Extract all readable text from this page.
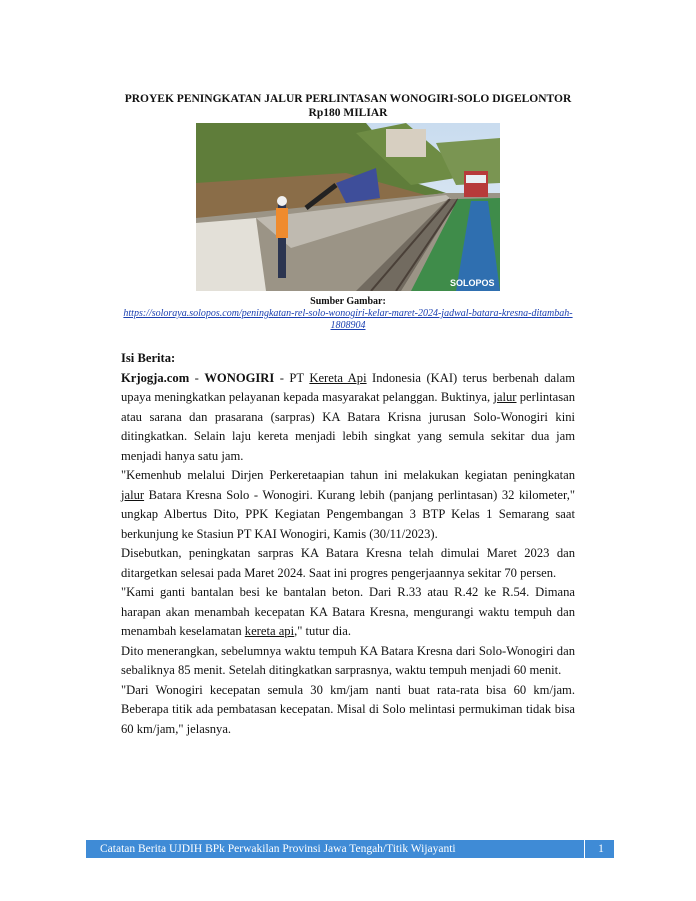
PROYEK PENINGKATAN JALUR PERLINTASAN WONOGIRI-SOLO DIGELONTOR Rp180 MILIAR
SOLOPOS
Sumber Gambar:
https://soloraya.solopos.com/peningkatan-rel-solo-wonogiri-kelar-maret-2024-jadwal-batara-kresna-ditambah-1808904

Isi Berita:

Krjogja.com - WONOGIRI - PT Kereta Api Indonesia (KAI) terus berbenah dalam upaya meningkatkan pelayanan kepada masyarakat pelanggan. Buktinya, jalur perlintasan atau sarana dan prasarana (sarpras) KA Batara Krisna jurusan Solo-Wonogiri kini ditingkatkan. Selain laju kereta menjadi lebih singkat yang semula sekitar dua jam menjadi hanya satu jam.

"Kemenhub melalui Dirjen Perkeretaapian tahun ini melakukan kegiatan peningkatan jalur Batara Kresna Solo - Wonogiri. Kurang lebih (panjang perlintasan) 32 kilometer," ungkap Albertus Dito, PPK Kegiatan Pengembangan 3 BTP Kelas 1 Semarang saat berkunjung ke Stasiun PT KAI Wonogiri, Kamis (30/11/2023).

Disebutkan, peningkatan sarpras KA Batara Kresna telah dimulai Maret 2023 dan ditargetkan selesai pada Maret 2024. Saat ini progres pengerjaannya sekitar 70 persen.

"Kami ganti bantalan besi ke bantalan beton. Dari R.33 atau R.42 ke R.54. Dimana harapan akan menambah kecepatan KA Batara Kresna, mengurangi waktu tempuh dan menambah keselamatan kereta api," tutur dia.

Dito menerangkan, sebelumnya waktu tempuh KA Batara Kresna dari Solo-Wonogiri dan sebaliknya 85 menit. Setelah ditingkatkan sarprasnya, waktu tempuh menjadi 60 menit.

"Dari Wonogiri kecepatan semula 30 km/jam nanti buat rata-rata bisa 60 km/jam. Beberapa titik ada pembatasan kecepatan. Misal di Solo melintasi permukiman tidak bisa 60 km/jam," jelasnya.

Catatan Berita UJDIH BPk Perwakilan Provinsi Jawa Tengah/Titik Wijayanti	1
